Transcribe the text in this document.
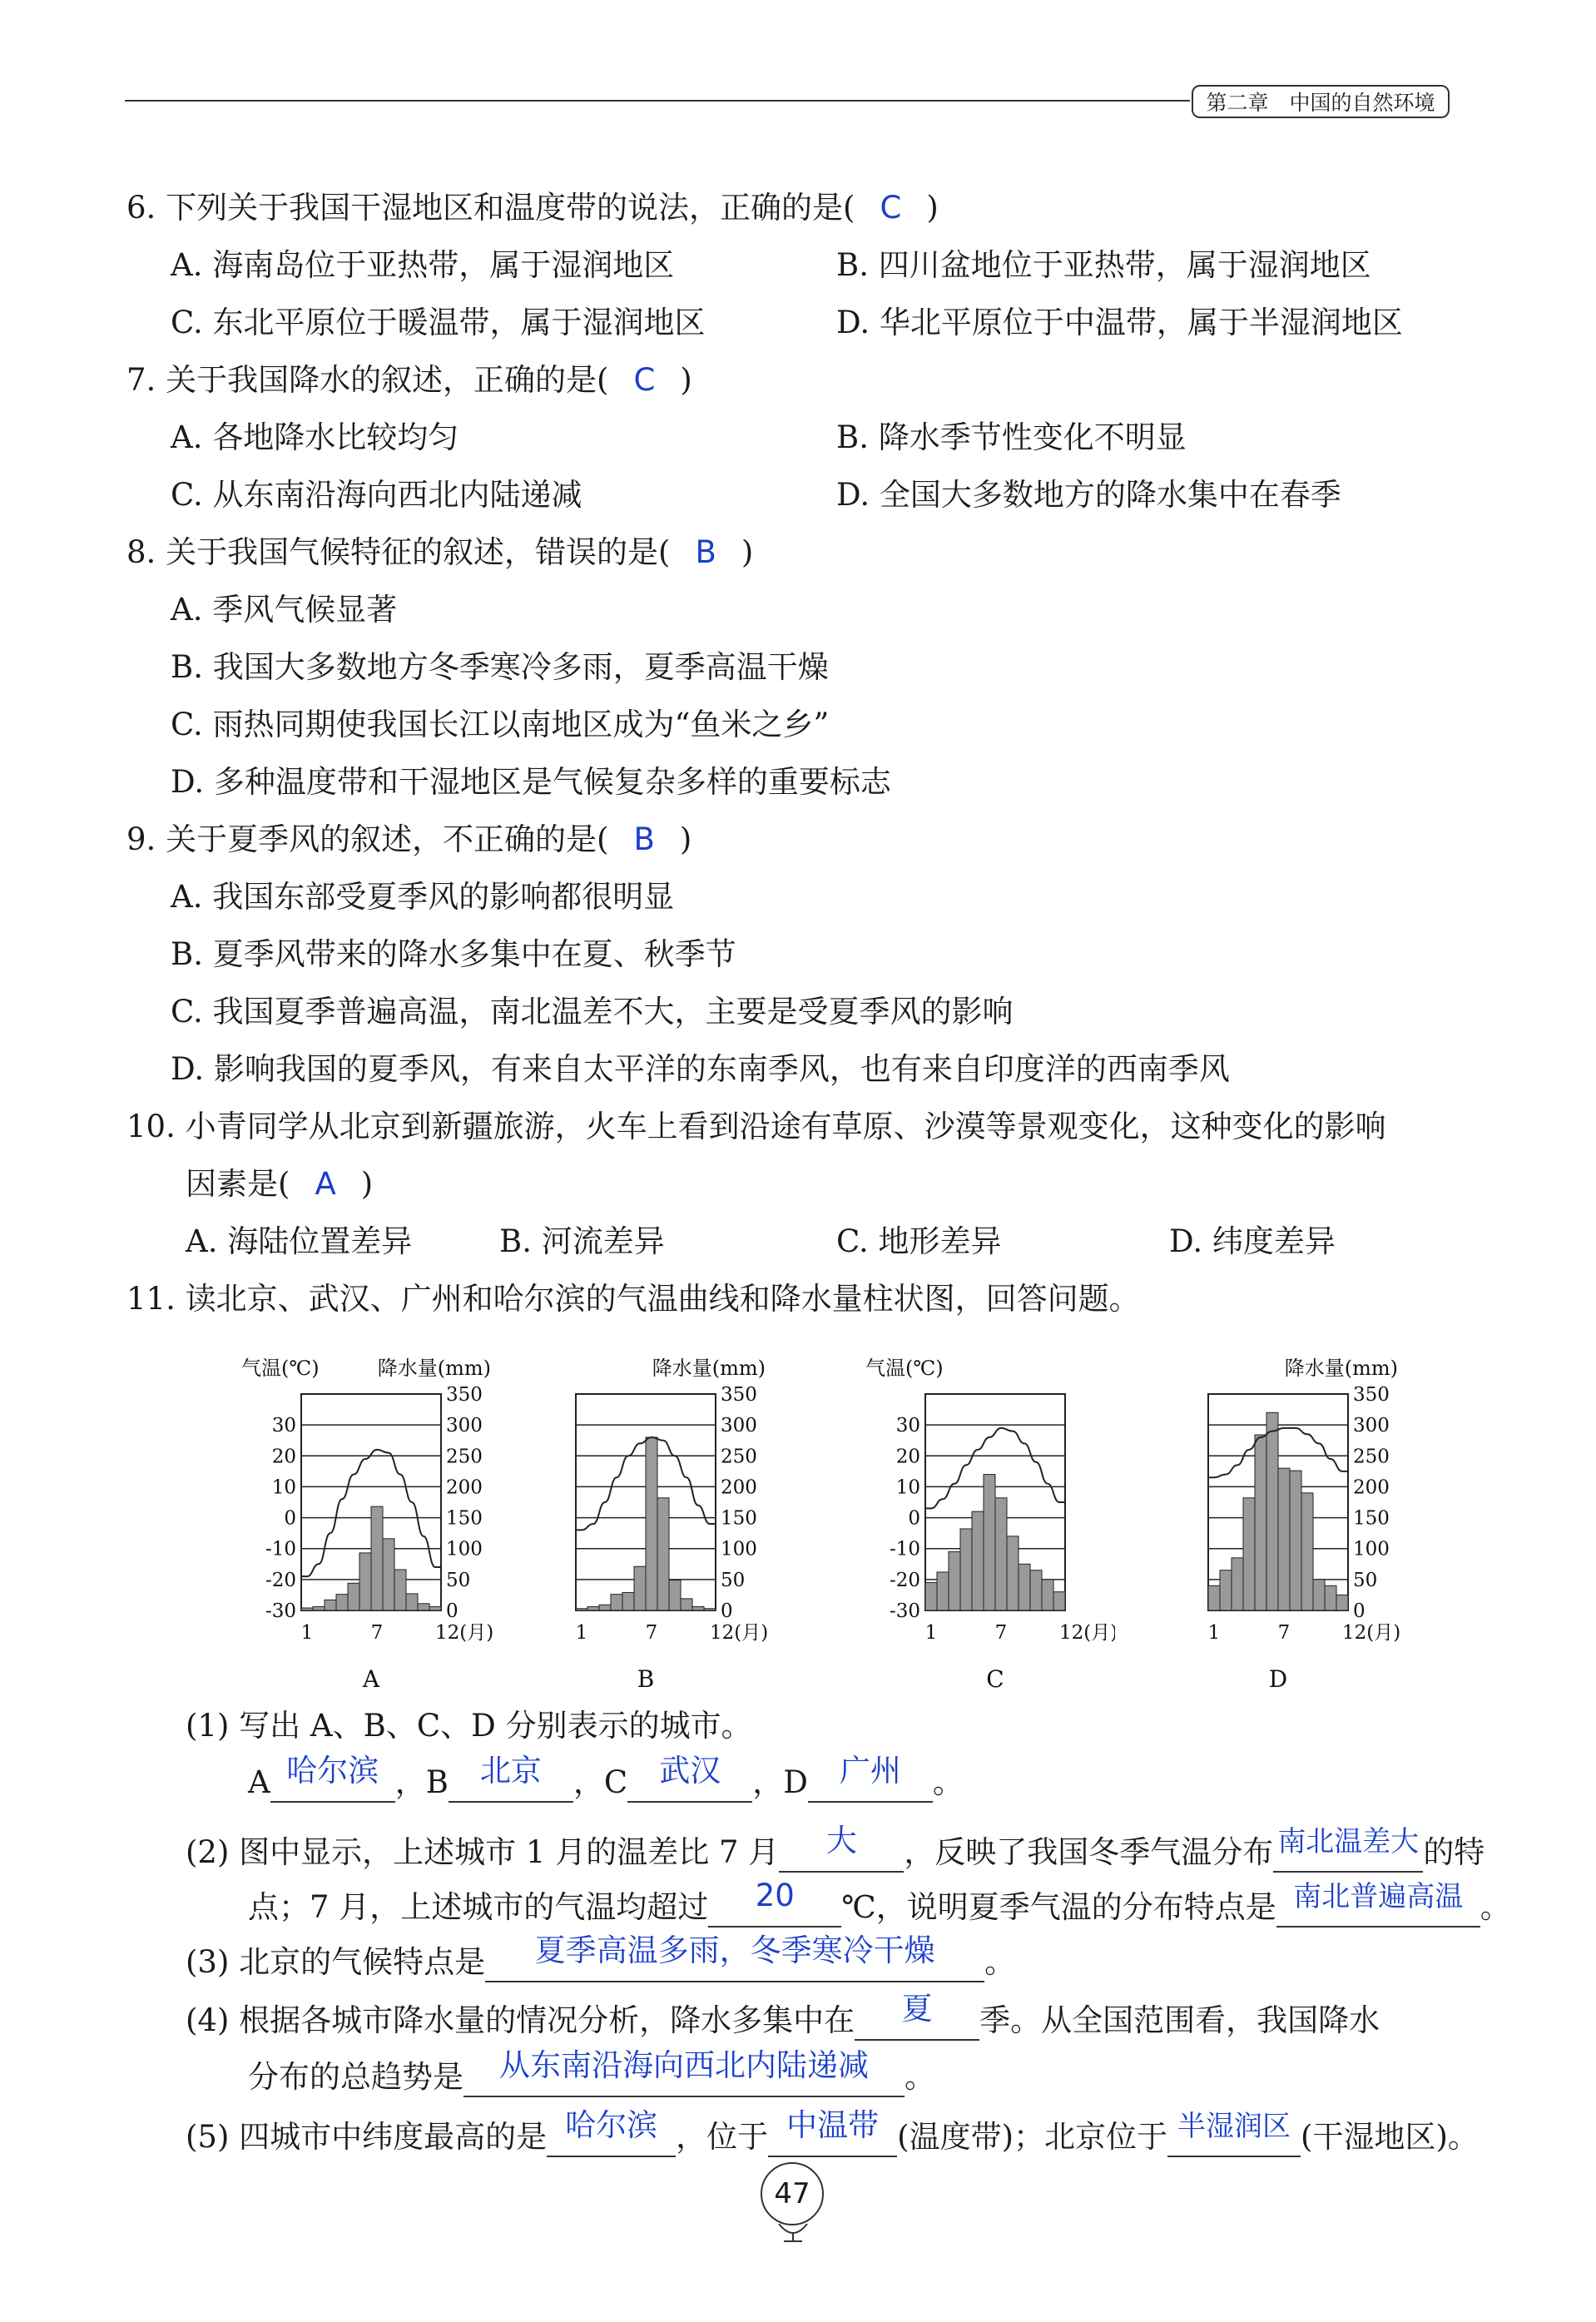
第二章　中国的自然环境
6. 下列关于我国干湿地区和温度带的说法，正确的是( C )
A. 海南岛位于亚热带，属于湿润地区	B. 四川盆地位于亚热带，属于湿润地区
C. 东北平原位于暖温带，属于湿润地区	D. 华北平原位于中温带，属于半湿润地区
7. 关于我国降水的叙述，正确的是( C )
A. 各地降水比较均匀	B. 降水季节性变化不明显
C. 从东南沿海向西北内陆递减	D. 全国大多数地方的降水集中在春季
8. 关于我国气候特征的叙述，错误的是( B )
A. 季风气候显著
B. 我国大多数地方冬季寒冷多雨，夏季高温干燥
C. 雨热同期使我国长江以南地区成为“鱼米之乡”
D. 多种温度带和干湿地区是气候复杂多样的重要标志
9. 关于夏季风的叙述，不正确的是( B )
A. 我国东部受夏季风的影响都很明显
B. 夏季风带来的降水多集中在夏、秋季节
C. 我国夏季普遍高温，南北温差不大，主要是受夏季风的影响
D. 影响我国的夏季风，有来自太平洋的东南季风，也有来自印度洋的西南季风
10. 小青同学从北京到新疆旅游，火车上看到沿途有草原、沙漠等景观变化，这种变化的影响
因素是( A )
A. 海陆位置差异	B. 河流差异	C. 地形差异	D. 纬度差异
11. 读北京、武汉、广州和哈尔滨的气温曲线和降水量柱状图，回答问题。
气温(℃)	降水量(mm)
30
20
10
0
-10
-20
-30
350
300
250
200
150
100
50
0
1	7	12(月)
A
降水量(mm)
350
300
250
200
150
100
50
0
1	7	12(月)
B
气温(℃)
30
20
10
0
-10
-20
-30
1	7	12(月)
C
降水量(mm)
350
300
250
200
150
100
50
0
1	7	12(月)
D
(1) 写出 A、B、C、D 分别表示的城市。
A 哈尔滨 ，B 北京 ，C 武汉 ，D 广州 。
(2) 图中显示，上述城市 1 月的温差比 7 月 大 ，反映了我国冬季气温分布 南北温差大 的特
点；7 月，上述城市的气温均超过 20 ℃，说明夏季气温的分布特点是 南北普遍高温 。
(3) 北京的气候特点是 夏季高温多雨，冬季寒冷干燥 。
(4) 根据各城市降水量的情况分析，降水多集中在 夏 季。从全国范围看，我国降水
分布的总趋势是 从东南沿海向西北内陆递减 。
(5) 四城市中纬度最高的是 哈尔滨 ，位于 中温带 (温度带)；北京位于 半湿润区 (干湿地区)。
47
